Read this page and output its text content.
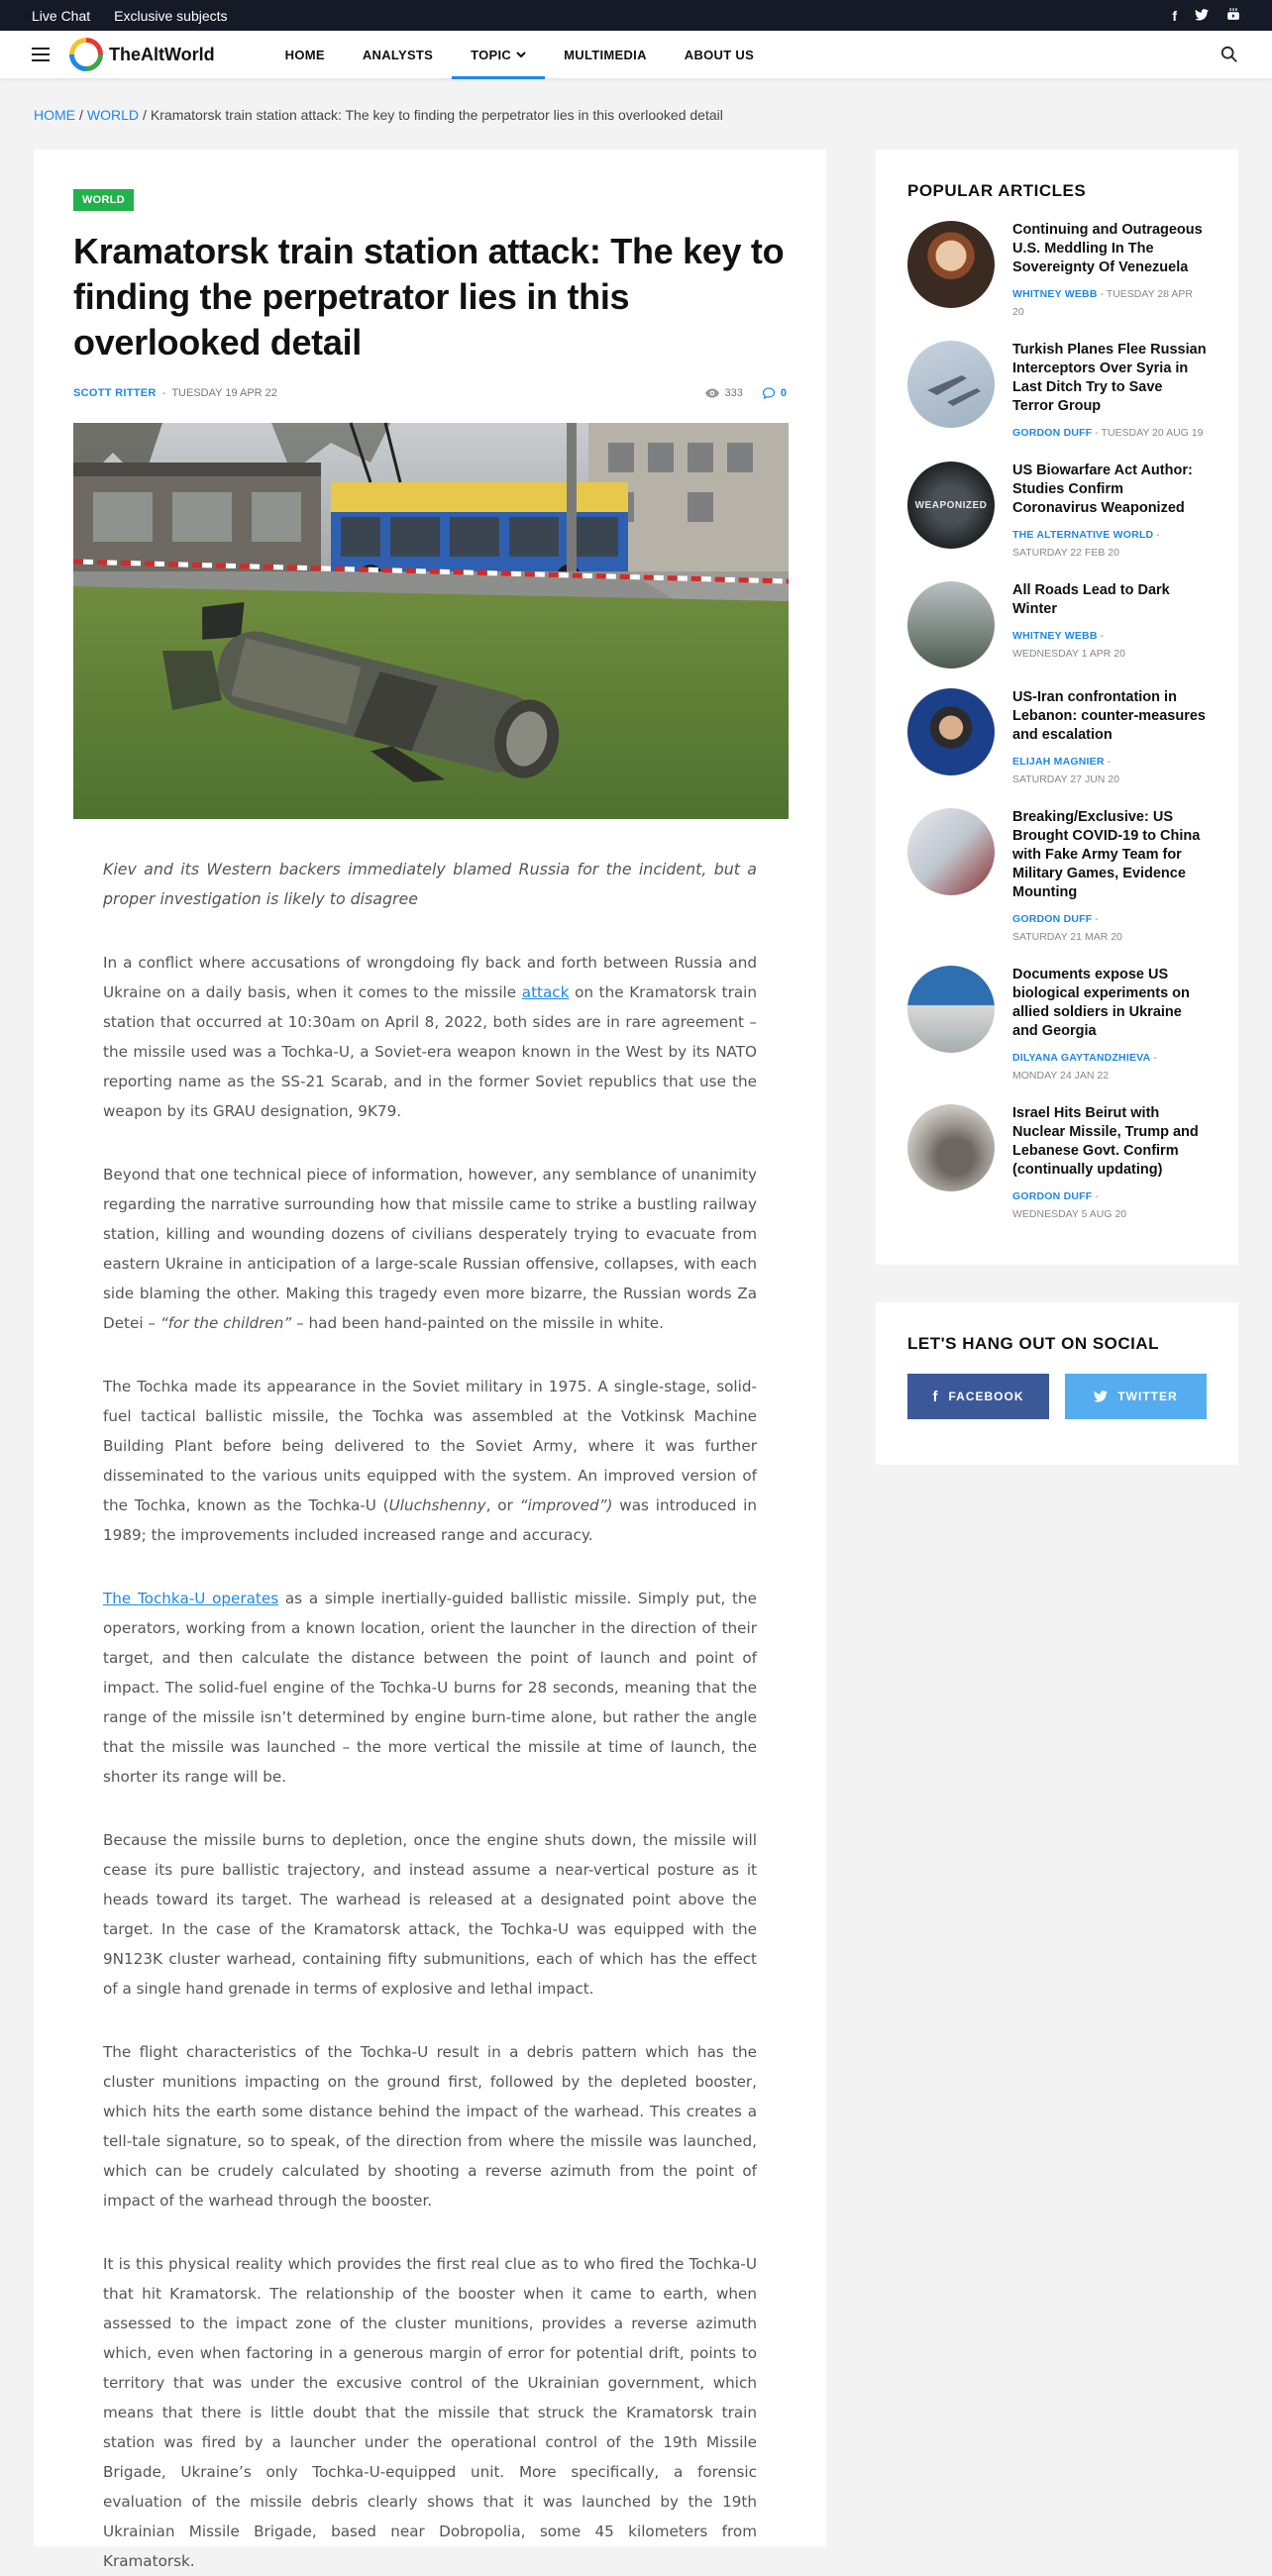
Live Chat Exclusive subjects	f
TheAltWorld	HOME	ANALYSTS	TOPIC	MULTIMEDIA	ABOUT US
HOME / WORLD / Kramatorsk train station attack: The key to finding the perpetrator lies in this overlooked detail
WORLD
Kramatorsk train station attack: The key to finding the perpetrator lies in this overlooked detail
SCOTT RITTER - TUESDAY 19 APR 22	333	0

Kiev and its Western backers immediately blamed Russia for the incident, but a proper investigation is likely to disagree

In a conflict where accusations of wrongdoing fly back and forth between Russia and Ukraine on a daily basis, when it comes to the missile attack on the Kramatorsk train station that occurred at 10:30am on April 8, 2022, both sides are in rare agreement – the missile used was a Tochka-U, a Soviet-era weapon known in the West by its NATO reporting name as the SS-21 Scarab, and in the former Soviet republics that use the weapon by its GRAU designation, 9K79.

Beyond that one technical piece of information, however, any semblance of unanimity regarding the narrative surrounding how that missile came to strike a bustling railway station, killing and wounding dozens of civilians desperately trying to evacuate from eastern Ukraine in anticipation of a large-scale Russian offensive, collapses, with each side blaming the other. Making this tragedy even more bizarre, the Russian words Za Detei – “for the children” – had been hand-painted on the missile in white.

The Tochka made its appearance in the Soviet military in 1975. A single-stage, solid-fuel tactical ballistic missile, the Tochka was assembled at the Votkinsk Machine Building Plant before being delivered to the Soviet Army, where it was further disseminated to the various units equipped with the system. An improved version of the Tochka, known as the Tochka-U (Uluchshenny, or “improved”) was introduced in 1989; the improvements included increased range and accuracy.

The Tochka-U operates as a simple inertially-guided ballistic missile. Simply put, the operators, working from a known location, orient the launcher in the direction of their target, and then calculate the distance between the point of launch and point of impact. The solid-fuel engine of the Tochka-U burns for 28 seconds, meaning that the range of the missile isn’t determined by engine burn-time alone, but rather the angle that the missile was launched – the more vertical the missile at time of launch, the shorter its range will be.

Because the missile burns to depletion, once the engine shuts down, the missile will cease its pure ballistic trajectory, and instead assume a near-vertical posture as it heads toward its target. The warhead is released at a designated point above the target. In the case of the Kramatorsk attack, the Tochka-U was equipped with the 9N123K cluster warhead, containing fifty submunitions, each of which has the effect of a single hand grenade in terms of explosive and lethal impact.

The flight characteristics of the Tochka-U result in a debris pattern which has the cluster munitions impacting on the ground first, followed by the depleted booster, which hits the earth some distance behind the impact of the warhead. This creates a tell-tale signature, so to speak, of the direction from where the missile was launched, which can be crudely calculated by shooting a reverse azimuth from the point of impact of the warhead through the booster.

It is this physical reality which provides the first real clue as to who fired the Tochka-U that hit Kramatorsk. The relationship of the booster when it came to earth, when assessed to the impact zone of the cluster munitions, provides a reverse azimuth which, even when factoring in a generous margin of error for potential drift, points to territory that was under the excusive control of the Ukrainian government, which means that there is little doubt that the missile that struck the Kramatorsk train station was fired by a launcher under the operational control of the 19th Missile Brigade, Ukraine’s only Tochka-U-equipped unit. More specifically, a forensic evaluation of the missile debris clearly shows that it was launched by the 19th Ukrainian Missile Brigade, based near Dobropolia, some 45 kilometers from Kramatorsk.

POPULAR ARTICLES
Continuing and Outrageous U.S. Meddling In The Sovereignty Of Venezuela
WHITNEY WEBB - TUESDAY 28 APR 20
Turkish Planes Flee Russian Interceptors Over Syria in Last Ditch Try to Save Terror Group
GORDON DUFF - TUESDAY 20 AUG 19
WEAPONIZED
US Biowarfare Act Author: Studies Confirm Coronavirus Weaponized
THE ALTERNATIVE WORLD -
SATURDAY 22 FEB 20
All Roads Lead to Dark Winter
WHITNEY WEBB -
WEDNESDAY 1 APR 20
US-Iran confrontation in Lebanon: counter-measures and escalation
ELIJAH MAGNIER -
SATURDAY 27 JUN 20
Breaking/Exclusive: US Brought COVID-19 to China with Fake Army Team for Military Games, Evidence Mounting
GORDON DUFF -
SATURDAY 21 MAR 20
Documents expose US biological experiments on allied soldiers in Ukraine and Georgia
DILYANA GAYTANDZHIEVA -
MONDAY 24 JAN 22
Israel Hits Beirut with Nuclear Missile, Trump and Lebanese Govt. Confirm (continually updating)
GORDON DUFF -
WEDNESDAY 5 AUG 20
LET'S HANG OUT ON SOCIAL
f FACEBOOK	TWITTER
